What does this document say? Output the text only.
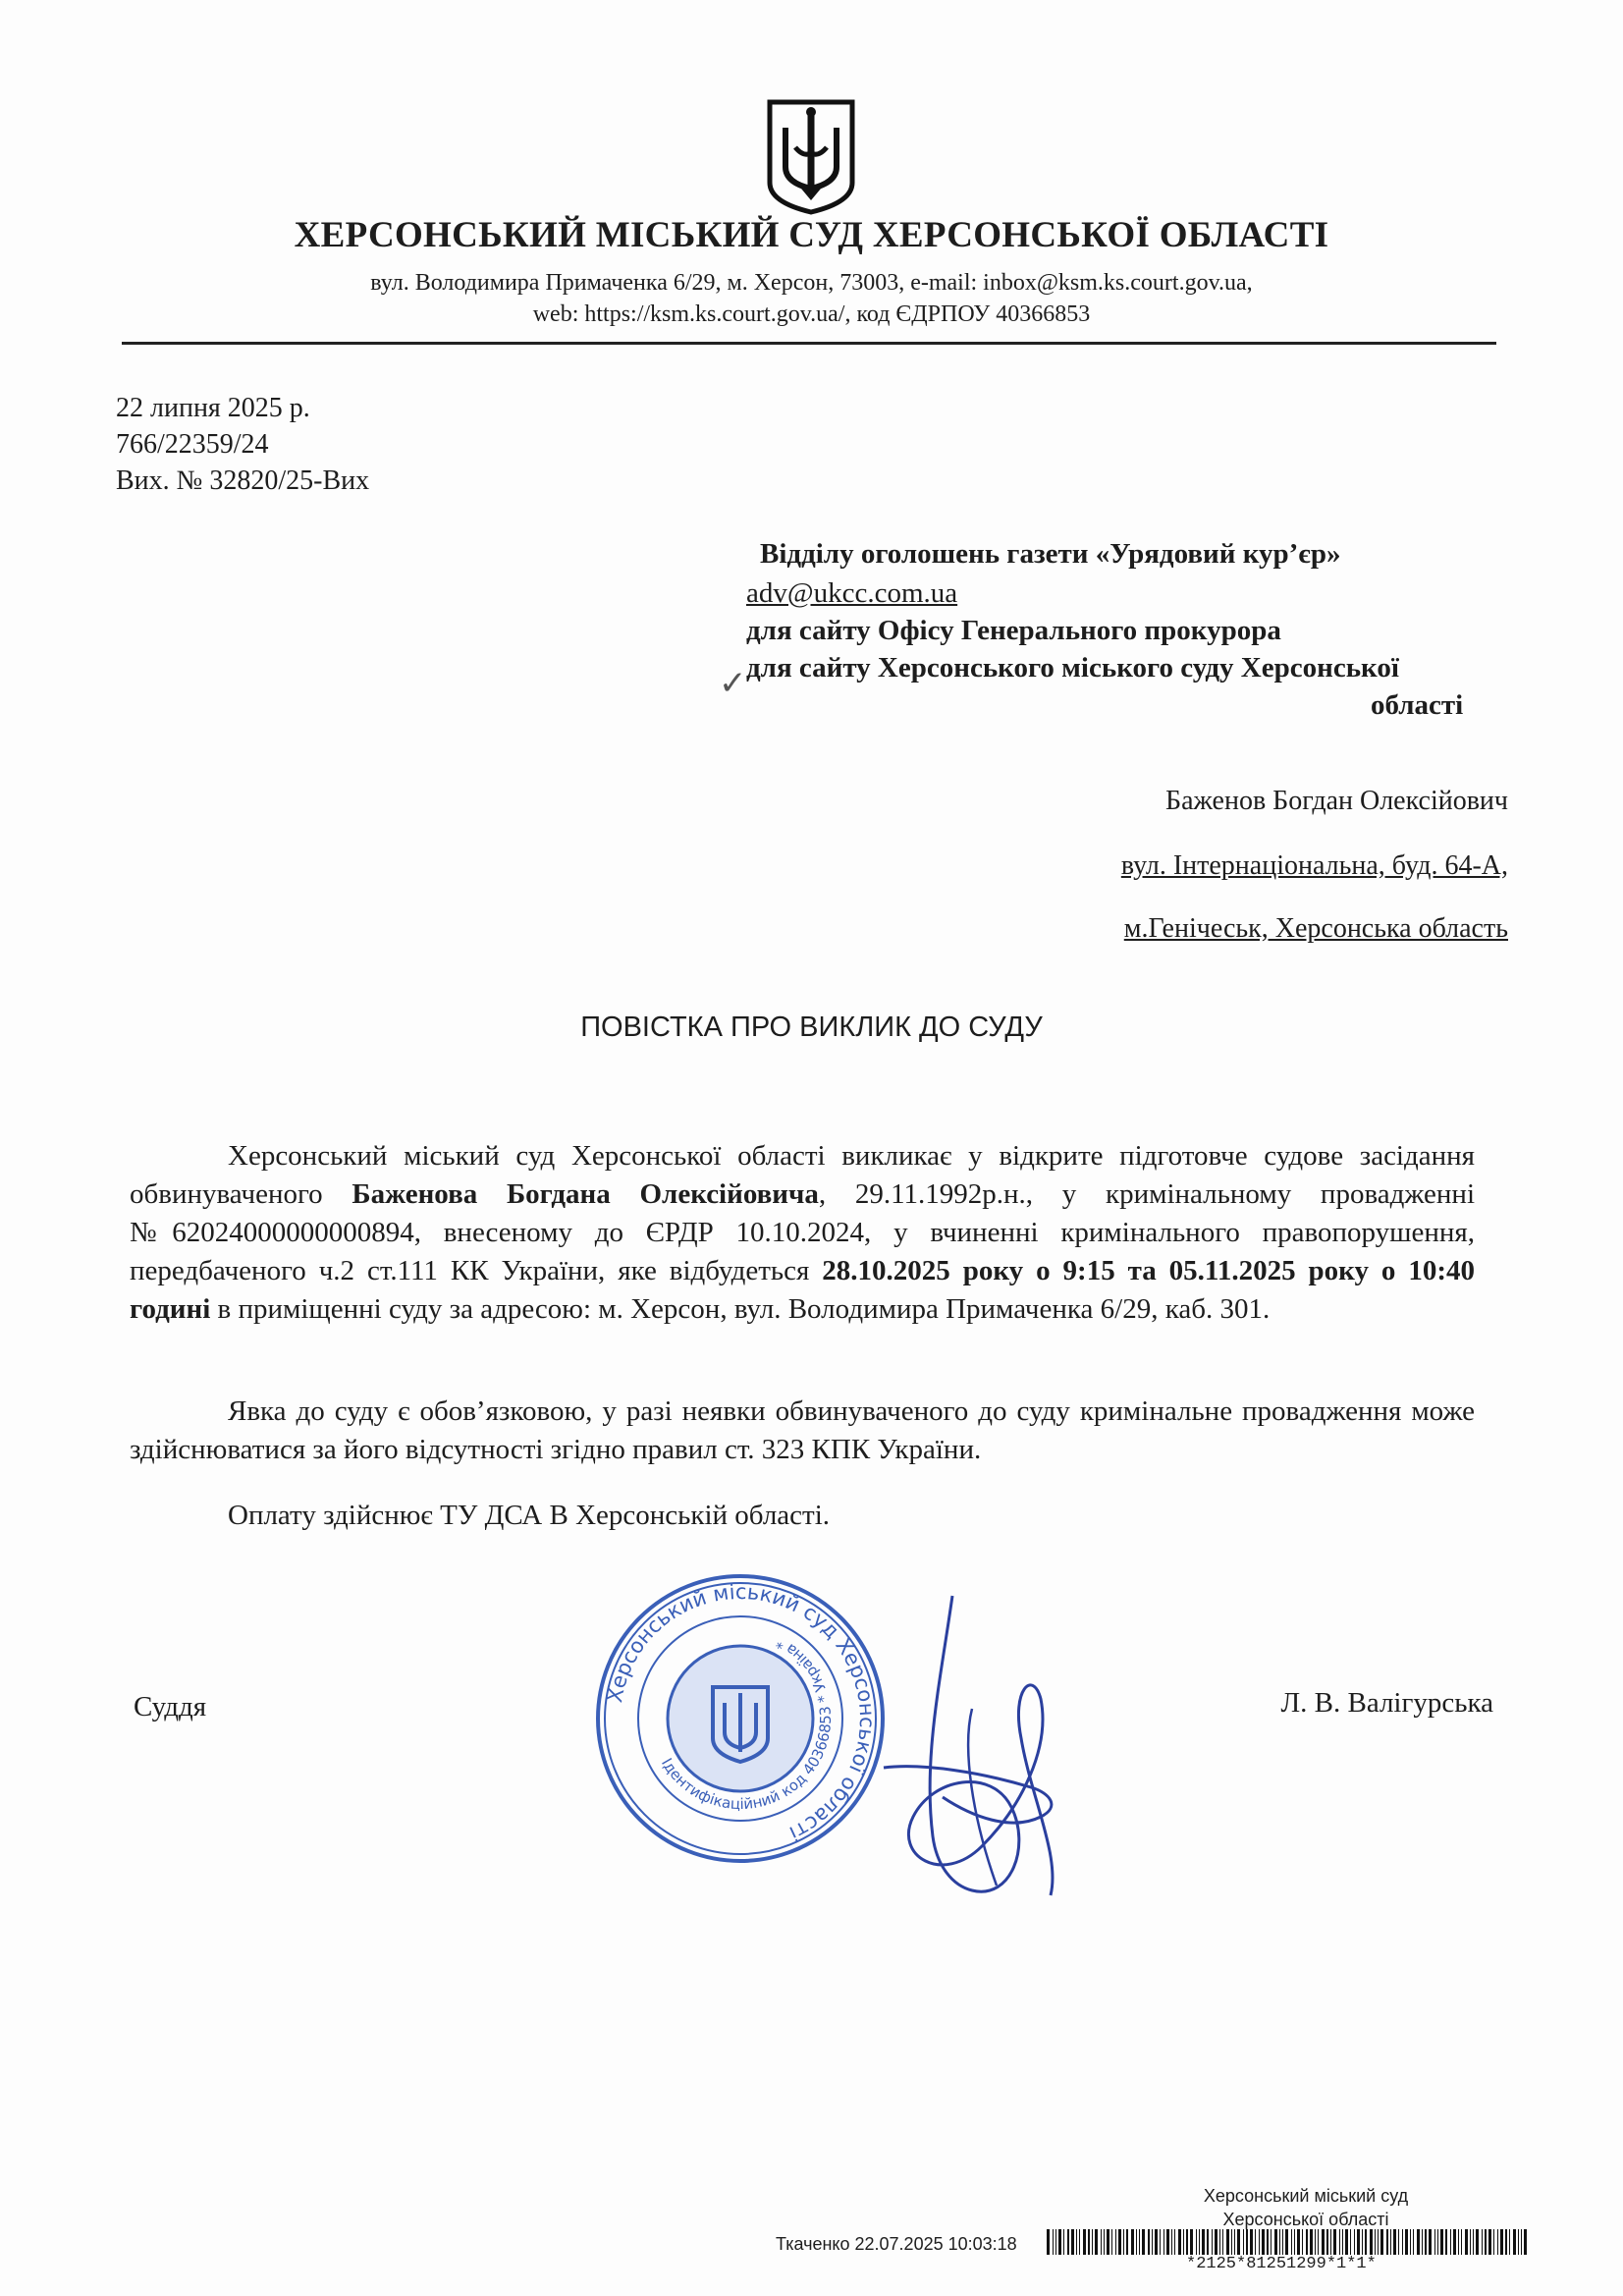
ХЕРСОНСЬКИЙ МІСЬКИЙ СУД ХЕРСОНСЬКОЇ ОБЛАСТІ
вул. Володимира Примаченка 6/29, м. Херсон, 73003, e-mail: inbox@ksm.ks.court.gov.ua,
web: https://ksm.ks.court.gov.ua/, код ЄДРПОУ 40366853
22 липня 2025 р.
766/22359/24
Вих. № 32820/25-Вих
Відділу оголошень газети «Урядовий кур’єр»
adv@ukcc.com.ua
для сайту Офісу Генерального прокурора
✓ для сайту Херсонського міського суду Херсонської
області
Баженов Богдан Олексійович
вул. Інтернаціональна, буд. 64-А,
м.Генічеськ, Херсонська область
ПОВІСТКА ПРО ВИКЛИК ДО СУДУ
Херсонський міський суд Херсонської області викликає у відкрите підготовче судове засідання обвинуваченого Баженова Богдана Олексійовича, 29.11.1992р.н., у кримінальному провадженні №62024000000000894, внесеному до ЄРДР 10.10.2024, у вчиненні кримінального правопорушення, передбаченого ч.2 ст.111 КК України, яке відбудеться 28.10.2025 року о 9:15 та 05.11.2025 року о 10:40 годині в приміщенні суду за адресою: м. Херсон, вул. Володимира Примаченка 6/29, каб. 301.
Явка до суду є обов’язковою, у разі неявки обвинуваченого до суду кримінальне провадження може здійснюватися за його відсутності згідно правил ст. 323 КПК України.
Оплату здійснює ТУ ДСА В Херсонській області.
Суддя	Л. В. Валігурська
Херсонський міський суд Херсонської області
Ідентифікаційний код 40366853 * Україна *
Херсонський міський суд
Херсонської області
Ткаченко 22.07.2025 10:03:18
*2125*81251299*1*1*
